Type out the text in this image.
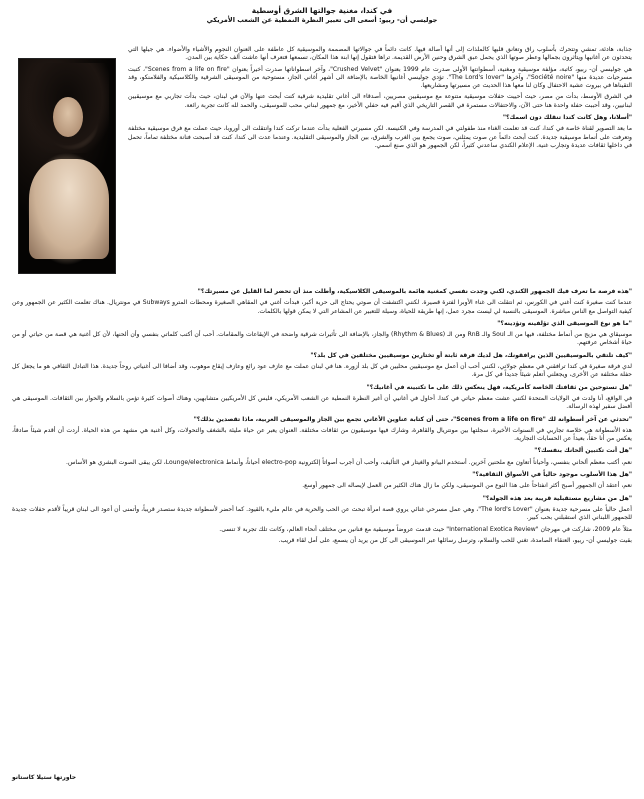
في كندا، مغنية جوالتها الشرق أوسطية

جوليسي أن- ربيو: أسعى الى تعبير النظرة النمطية عن الشعب الأمريكي

جذابة، هادئة، تمشي وتتحرك بأسلوب راق وتعانق قلبها كالملذات إلى أنها أصالة فيها. كانت دائماً في جوالاتها المصممة والموسيقية كل عاطفة على العنوان النجوم والأشياء والأضواء. هي جيلها التي يتحدثون عن أغانيها ويتأثرون بجمالها وعطر صوتها الذي يحمل عبق الشرق وحنين الأرض القديمة. تراها فتقول إنها ابنة هذا المكان، تسمعها فتعرف أنها عاشت ألف حكاية بين المدن.

هي جوليسي أن- ربيو، كاتبة، مؤلفة موسيقية ومغنية، أسطوانتها الأولى صدرت عام 1999 بعنوان "Crushed Velvet"، وآخر اسطواناتها صدرت أخيراً بعنوان "Scenes from a life on fire"، كتبت مسرحيات عديدة منها "Société noire"، وآخرها "The Lord's lover". تؤدي جوليسي أغانيها الخاصة بالإضافة الى أشهر أغاني الجاز، مستوحية من الموسيقى الشرقية والكلاسيكية والفلامنكو، وقد التقيناها في بيروت عشية الاحتفال وكان لنا معها هذا الحديث عن مسيرتها ومشاريعها.

في الشرق الأوسط، بدأت من مصر، حيث أحييت حفلات موسيقية متنوعة مع موسيقيين مصريين، أصدقاء الى أغاني تقليدية شرقية كنت أبحث عنها والآن في لبنان، حيث بدأت تجاربي مع موسيقيين لبنانيين، وقد أحببت حفلة واحدة هنا حتى الآن، والاحتفالات مستمرة في القصر التاريخي الذي أقيم فيه حفلي الأخير، مع جمهور لبناني محب للموسيقى، والحمد لله كانت تجربة رائعة.

"أسلانا، وهل كانت كندا تنقلك دون اسمك؟"

ما بعد التصوير لقناة خاصة في كندا، كنت قد تعلمت الغناء منذ طفولتي في المدرسة وفي الكنيسة. لكن مسيرتي الفعلية بدأت عندما تركت كندا وانتقلت الى أوروبا، حيث عملت مع فرق موسيقية مختلفة وتعرفت على أنماط موسيقية جديدة. كنت أبحث دائماً عن صوت يمثلني، صوت يجمع بين الغرب والشرق، بين الجاز والموسيقى التقليدية. وعندما عدت الى كندا، كنت قد أصبحت فنانة مختلفة تماماً، تحمل في داخلها ثقافات عديدة وتجارب غنية. الإعلام الكندي ساعدني كثيراً، لكن الجمهور هو الذي صنع اسمي.

"هذه فرصة ما تعرف فيك الجمهور الكندي، لكني وجدت نفسي كمغنية هائمة بالموسيقى الكلاسيكية، وأطلت منذ أن تحضر لما القليل عن مسيرتك؟"

عندما كنت صغيرة كنت أغني في الكورس، ثم انتقلت الى غناء الأوبرا لفترة قصيرة. لكنني اكتشفت أن صوتي يحتاج الى حرية أكبر، فبدأت أغني في المقاهي الصغيرة ومحطات المترو Subways في مونتريال. هناك تعلمت الكثير عن الجمهور وعن كيفية التواصل مع الناس مباشرة. الموسيقى بالنسبة لي ليست مجرد عمل، إنها طريقة للحياة، وسيلة للتعبير عن المشاعر التي لا يمكن قولها بالكلمات.

"ما هو نوع الموسيقى الذي تؤلفينه وتؤدينه؟"

موسيقاي هي مزيج من أنماط مختلفة، فيها من الـ Soul والـ RnB ومن الـ (Rhythm & Blues) والجاز، بالإضافة الى تأثيرات شرقية واضحة في الإيقاعات والمقامات. أحب أن أكتب كلماتي بنفسي وأن ألحنها، لأن كل أغنية هي قصة من حياتي أو من حياة أشخاص عرفتهم.

"كيف تلتقي بالموسيقيين الذين يرافقونك، هل لديك فرقة ثابتة أو تختارين موسيقيين مختلفين في كل بلد؟"

لدي فرقة صغيرة في كندا ترافقني في معظم جولاتي، لكنني أحب أن أعمل مع موسيقيين محليين في كل بلد أزوره. هنا في لبنان عملت مع عازف عود رائع وعازف إيقاع موهوب، وقد أضافا الى أغنياتي روحاً جديدة. هذا التبادل الثقافي هو ما يجعل كل حفلة مختلفة عن الأخرى، ويجعلني أتعلم شيئاً جديداً في كل مرة.

"هل تستوحين من ثقافتك الخاصة كأمريكية، فهل ينعكس ذلك على ما تكتبينه في أغانيك؟"

في الواقع، أنا ولدت في الولايات المتحدة لكنني عشت معظم حياتي في كندا. أحاول في أغانيي أن أغير النظرة النمطية عن الشعب الأمريكي، فليس كل الأمريكيين متشابهين، وهناك أصوات كثيرة تؤمن بالسلام والحوار بين الثقافات. الموسيقى هي أفضل سفير لهذه الرسالة.

"تحدثي عن آخر أسطوانة لك "Scenes from a life on fire"، حتى أن كتابة عناوين الأغاني تجمع بين الجاز والموسيقى العربية، ماذا تقصدين بذلك؟"

هذه الأسطوانة هي خلاصة تجاربي في السنوات الأخيرة، سجلتها بين مونتريال والقاهرة، وشارك فيها موسيقيون من ثقافات مختلفة. العنوان يعبر عن حياة مليئة بالشغف والتحولات، وكل أغنية هي مشهد من هذه الحياة. أردت أن أقدم شيئاً صادقاً، يعكس من أنا حقاً، بعيداً عن الحسابات التجارية.

"هل أنت تكتبين ألحانك بنفسك؟"

نعم، أكتب معظم ألحاني بنفسي، وأحياناً أتعاون مع ملحنين آخرين. أستخدم البيانو والغيتار في التأليف، وأحب أن أجرب أصواتاً إلكترونية electro-pop أحياناً، وأنماط Lounge/electronica، لكن يبقى الصوت البشري هو الأساس.

"هل هذا الأسلوب موجود حالياً في الأسواق الثقافية؟"

نعم، أعتقد أن الجمهور أصبح أكثر انفتاحاً على هذا النوع من الموسيقى، ولكن ما زال هناك الكثير من العمل لإيصاله الى جمهور أوسع.

"هل من مشاريع مستقبلية قريبة بعد هذه الجولة؟"

أعمل حالياً على مسرحية جديدة بعنوان "The lord's Lover"، وهي عمل مسرحي غنائي يروي قصة امرأة تبحث عن الحب والحرية في عالم مليء بالقيود. كما أحضر لأسطوانة جديدة ستصدر قريباً، وأتمنى أن أعود الى لبنان قريباً لأقدم حفلات جديدة للجمهور اللبناني الذي استقبلني بحب كبير.

مثلاً عام 2009، شاركت في مهرجان "International Exotica Review" حيث قدمت عروضاً موسيقية مع فنانين من مختلف أنحاء العالم، وكانت تلك تجربة لا تنسى.

بقيت جوليسي أن- ربيو، العنقاء الصامدة، تغني للحب والسلام، وترسل رسائلها عبر الموسيقى الى كل من يريد أن يسمع، على أمل لقاء قريب.

حاورتها ستيلا كاستانو
